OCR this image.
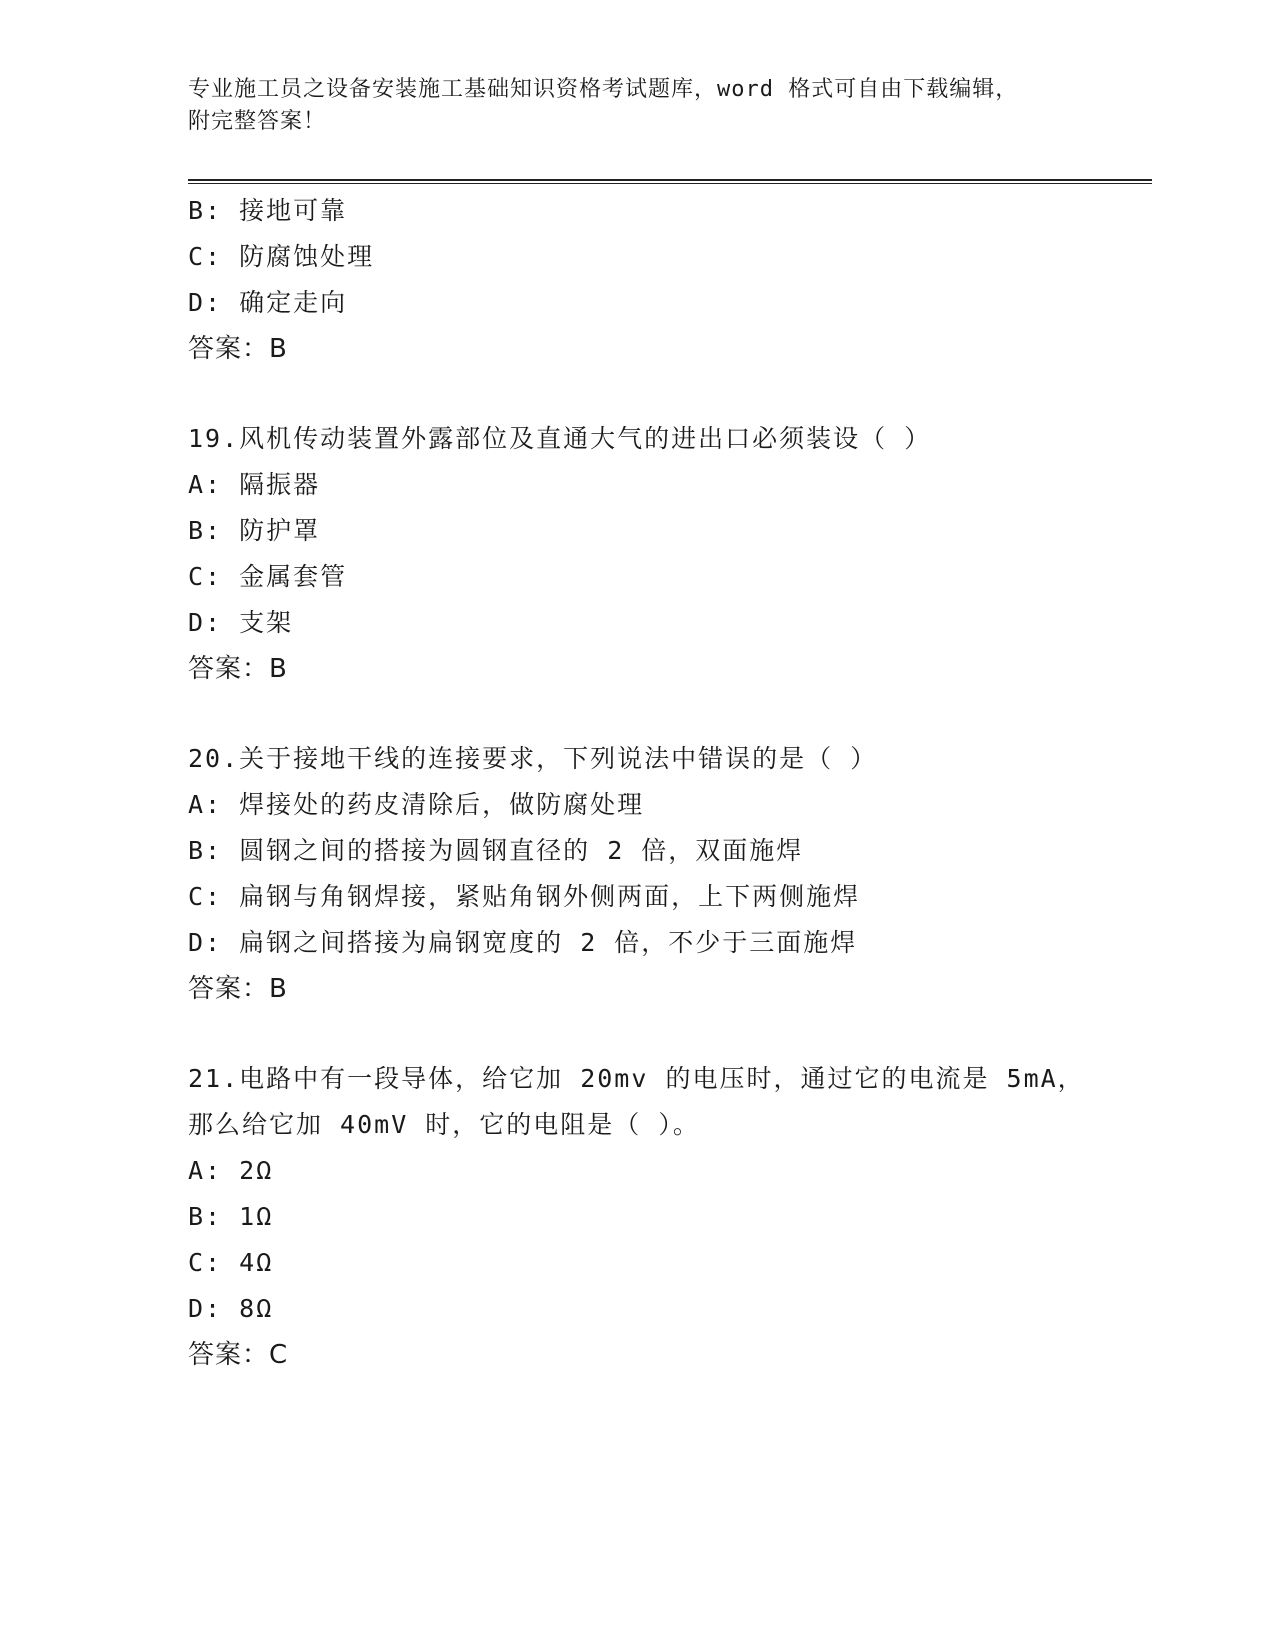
专业施工员之设备安装施工基础知识资格考试题库，word 格式可自由下载编辑，
附完整答案！
B: 接地可靠
C: 防腐蚀处理
D: 确定走向
答案：B
19.风机传动装置外露部位及直通大气的进出口必须装设（ ）
A: 隔振器
B: 防护罩
C: 金属套管
D: 支架
答案：B
20.关于接地干线的连接要求，下列说法中错误的是（ ）
A: 焊接处的药皮清除后，做防腐处理
B: 圆钢之间的搭接为圆钢直径的 2 倍，双面施焊
C: 扁钢与角钢焊接，紧贴角钢外侧两面，上下两侧施焊
D: 扁钢之间搭接为扁钢宽度的 2 倍，不少于三面施焊
答案：B
21.电路中有一段导体，给它加 20mv 的电压时，通过它的电流是 5mA，
那么给它加 40mV 时，它的电阻是（ ）。
A: 2Ω
B: 1Ω
C: 4Ω
D: 8Ω
答案：C
